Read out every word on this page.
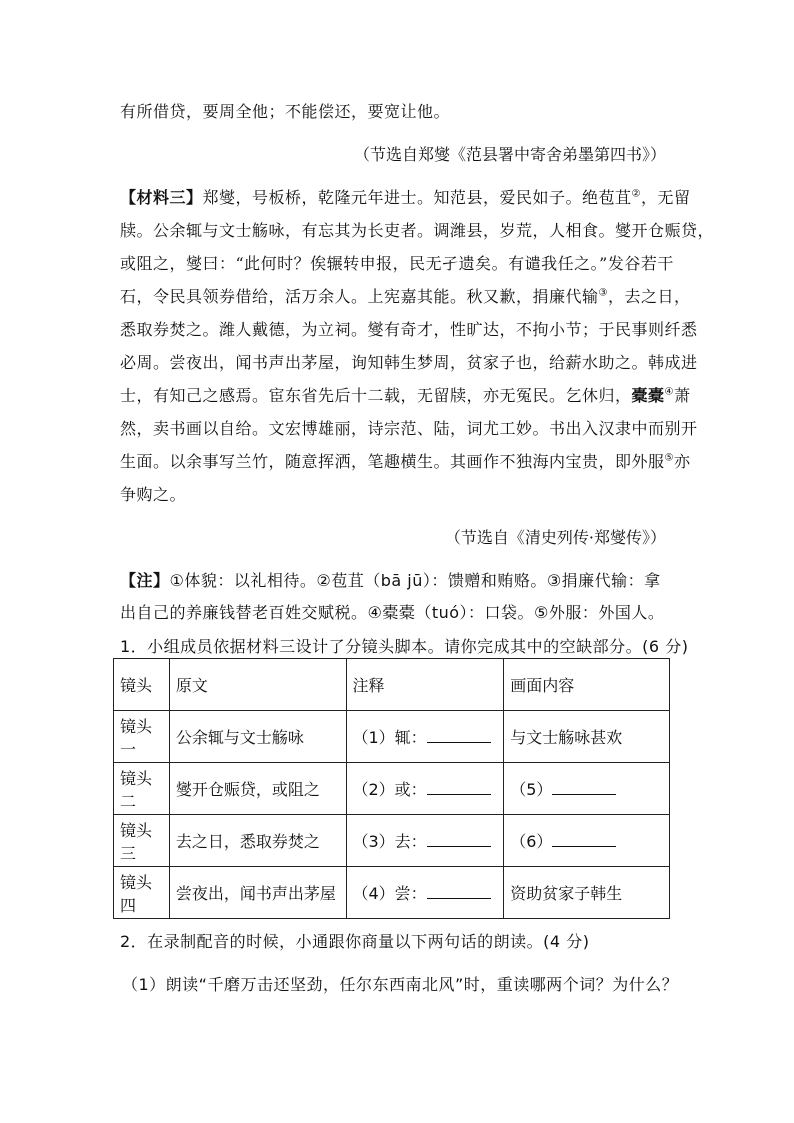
有所借贷，要周全他；不能偿还，要宽让他。
（节选自郑燮《范县署中寄舍弟墨第四书》）
【材料三】郑燮，号板桥，乾隆元年进士。知范县，爱民如子。绝苞苴②，无留
牍。公余辄与文士觞咏，有忘其为长吏者。调潍县，岁荒，人相食。燮开仓赈贷，
或阻之，燮曰：“此何时？俟辗转申报，民无孑遗矣。有谴我任之。”发谷若干
石，令民具领券借给，活万余人。上宪嘉其能。秋又歉，捐廉代输③，去之日，
悉取券焚之。潍人戴德，为立祠。燮有奇才，性旷达，不拘小节；于民事则纤悉
必周。尝夜出，闻书声出茅屋，询知韩生梦周，贫家子也，给薪水助之。韩成进
士，有知己之感焉。宦东省先后十二载，无留牍，亦无冤民。乞休归，橐橐④萧
然，卖书画以自给。文宏博雄丽，诗宗范、陆，词尤工妙。书出入汉隶中而别开
生面。以余事写兰竹，随意挥洒，笔趣横生。其画作不独海内宝贵，即外服⑤亦
争购之。
（节选自《清史列传·郑燮传》）
【注】①体貌：以礼相待。②苞苴（bā jū）：馈赠和贿赂。③捐廉代输：拿
出自己的养廉钱替老百姓交赋税。④橐橐（tuó）：口袋。⑤外服：外国人。
1．小组成员依据材料三设计了分镜头脚本。请你完成其中的空缺部分。(6 分)
镜头	原文	注释	画面内容
镜头一	公余辄与文士觞咏	（1）辄：	与文士觞咏甚欢
镜头二	燮开仓赈贷，或阻之	（2）或：	（5）
镜头三	去之日，悉取券焚之	（3）去：	（6）
镜头四	尝夜出，闻书声出茅屋	（4）尝：	资助贫家子韩生
2．在录制配音的时候，小通跟你商量以下两句话的朗读。(4 分)
（1）朗读“千磨万击还坚劲，任尔东西南北风”时，重读哪两个词？为什么？
